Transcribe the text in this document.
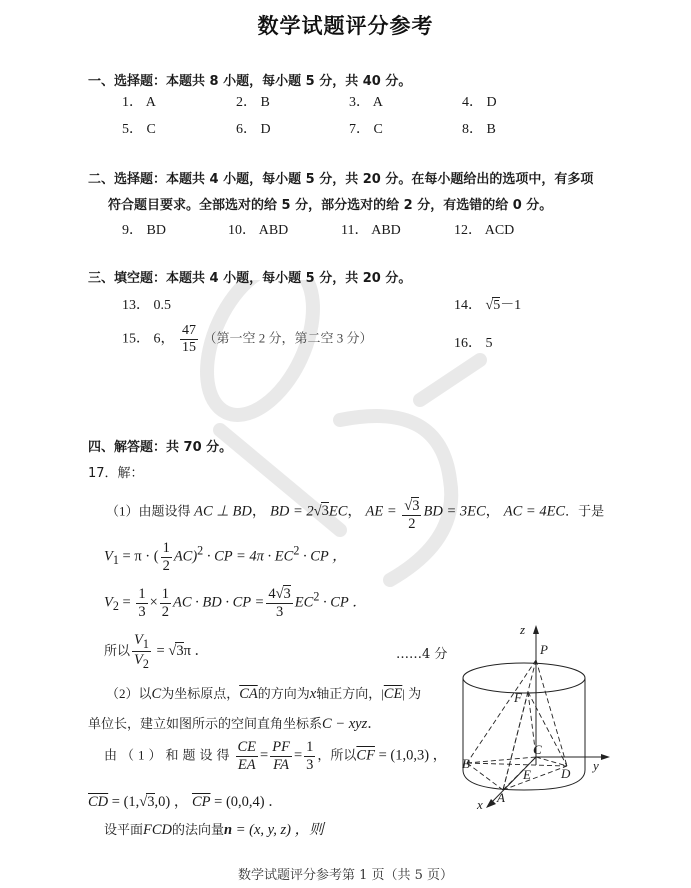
数学试题评分参考
一、选择题：本题共 8 小题，每小题 5 分，共 40 分。
1． A	2． B	3． A	4． D
5． C	6． D	7． C	8． B
二、选择题：本题共 4 小题，每小题 5 分，共 20 分。在每小题给出的选项中，有多项
符合题目要求。全部选对的给 5 分，部分选对的给 2 分，有选错的给 0 分。
9． BD	10． ABD	11． ABD	12． ACD
三、填空题：本题共 4 小题，每小题 5 分，共 20 分。
13． 0.5	14． √5－1
15． 6， $\frac{47}{15}$ （第一空 2 分，第二空 3 分）	16． 5
四、解答题：共 70 分。
17．解：
（1）由题设得 AC ⊥ BD， BD = 2√3EC， AE = $\frac{√3}{2}$ BD = 3EC， AC = 4EC．于是
$V_1 = \pi$ · ( $\frac{1}{2} AC)^2$ · CP = $4\pi \cdot EC^2$ · CP ，
$V_2 = \frac{1}{3} \times \frac{1}{2}$ AC · BD · CP = $\frac{4√3}{3} EC^2$ · CP ．
所以 $\frac{V_1}{V_2} = √3\pi$ ．	……4 分
（2）以C为坐标原点，$\overline{CA}$的方向为x轴正方向，$|\overline{CE}|$ 为
单位长，建立如图所示的空间直角坐标系C − xyz．
由（1）和题设得 $\frac{CE}{EA} = \frac{PF}{FA} = \frac{1}{3}$ ，所以$\overline{CF} = (1,0,3)$ ，
$\overline{CD} = (1,√3,0)$ ， $\overline{CP} = (0,0,4)$ ．
设平面FCD的法向量n = (x, y, z) ，则
z
P
F
C
B
E D
A
x
y
数学试题评分参考第 1 页（共 5 页）
